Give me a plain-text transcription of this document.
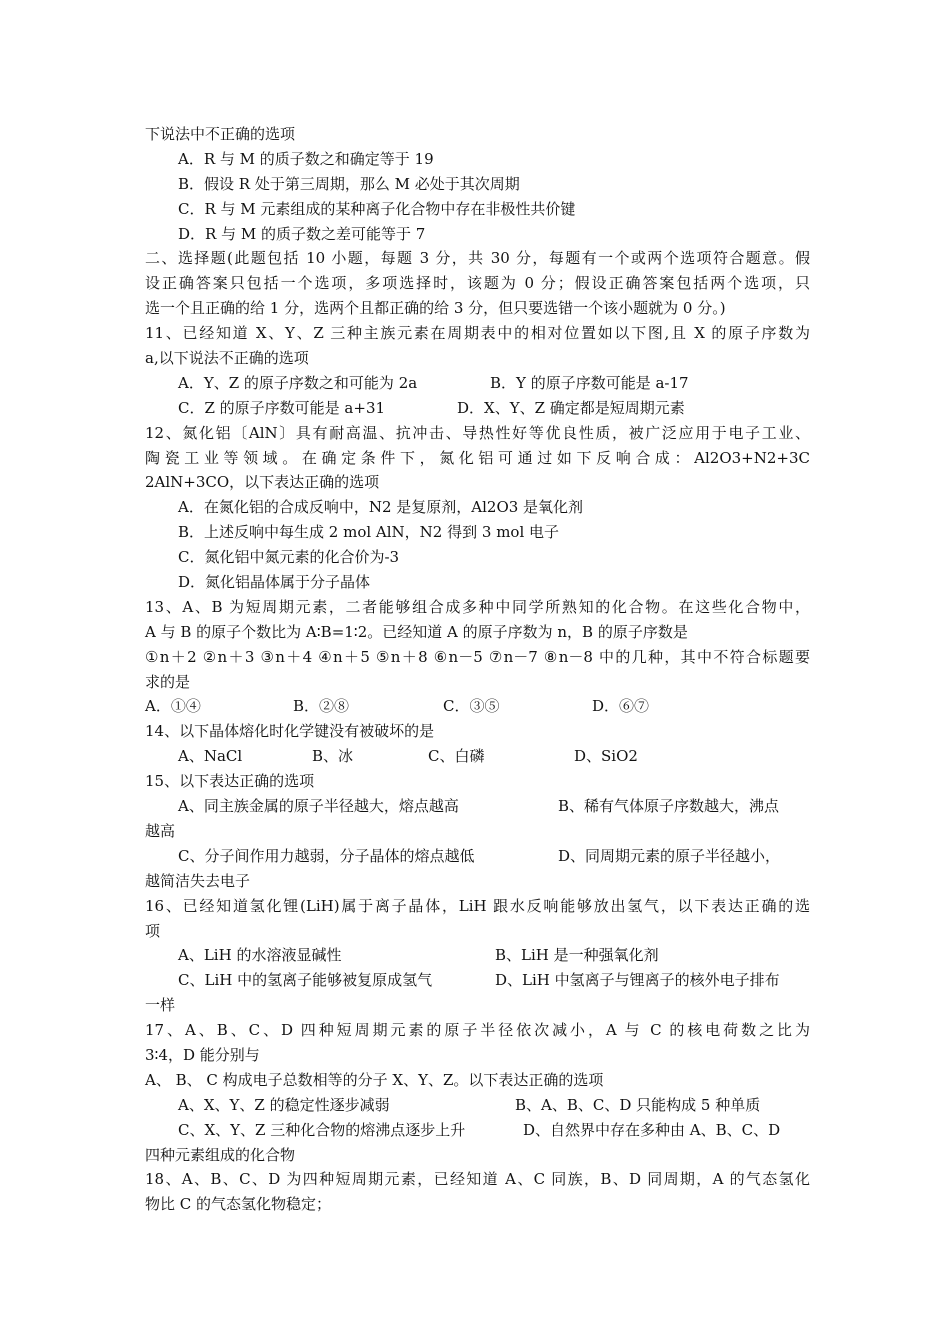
下说法中不正确的选项
A．R 与 M 的质子数之和确定等于 19
B．假设 R 处于第三周期，那么 M 必处于其次周期
C．R 与 M 元素组成的某种离子化合物中存在非极性共价键
D．R 与 M 的质子数之差可能等于 7
二、选择题(此题包括 10 小题，每题 3 分，共 30 分，每题有一个或两个选项符合题意。假
设正确答案只包括一个选项，多项选择时，该题为 0 分；假设正确答案包括两个选项，只
选一个且正确的给 1 分，选两个且都正确的给 3 分，但只要选错一个该小题就为 0 分。)
11、已经知道 X、Y、Z 三种主族元素在周期表中的相对位置如以下图,且 X 的原子序数为
a,以下说法不正确的选项
A．Y、Z 的原子序数之和可能为 2a	B．Y 的原子序数可能是 a-17
C．Z 的原子序数可能是 a+31	D．X、Y、Z 确定都是短周期元素
12、氮化铝〔AlN〕具有耐高温、抗冲击、导热性好等优良性质，被广泛应用于电子工业、
陶瓷工业等领域。在确定条件下，氮化铝可通过如下反响合成：Al2O3+N2+3C
2AlN+3CO，以下表达正确的选项
A．在氮化铝的合成反响中，N2 是复原剂，Al2O3 是氧化剂
B．上述反响中每生成 2 mol AlN，N2 得到 3 mol 电子
C．氮化铝中氮元素的化合价为-3
D．氮化铝晶体属于分子晶体
13、A、B 为短周期元素，二者能够组合成多种中同学所熟知的化合物。在这些化合物中，
A 与 B 的原子个数比为 A∶B=1∶2。已经知道 A 的原子序数为 n，B 的原子序数是
①n＋2 ②n＋3 ③n＋4 ④n＋5 ⑤n＋8 ⑥n－5 ⑦n－7 ⑧n－8 中的几种，其中不符合标题要
求的是
A．①④	B．②⑧	C．③⑤	D．⑥⑦
14、以下晶体熔化时化学键没有被破坏的是
A、NaCl	B、冰	C、白磷	D、SiO2
15、以下表达正确的选项
A、同主族金属的原子半径越大，熔点越高	B、稀有气体原子序数越大，沸点
越高
C、分子间作用力越弱，分子晶体的熔点越低	D、同周期元素的原子半径越小，
越简洁失去电子
16、已经知道氢化锂(LiH)属于离子晶体，LiH 跟水反响能够放出氢气，以下表达正确的选
项
A、LiH 的水溶液显碱性	B、LiH 是一种强氧化剂
C、LiH 中的氢离子能够被复原成氢气	D、LiH 中氢离子与锂离子的核外电子排布
一样
17、A、B、C、D 四种短周期元素的原子半径依次减小，A 与 C 的核电荷数之比为
3∶4，D 能分别与
A、 B、 C 构成电子总数相等的分子 X、Y、Z。以下表达正确的选项
A、X、Y、Z 的稳定性逐步减弱	B、A、B、C、D 只能构成 5 种单质
C、X、Y、Z 三种化合物的熔沸点逐步上升	D、自然界中存在多种由 A、B、C、D
四种元素组成的化合物
18、A、B、C、D 为四种短周期元素，已经知道 A、C 同族，B、D 同周期，A 的气态氢化
物比 C 的气态氢化物稳定；
